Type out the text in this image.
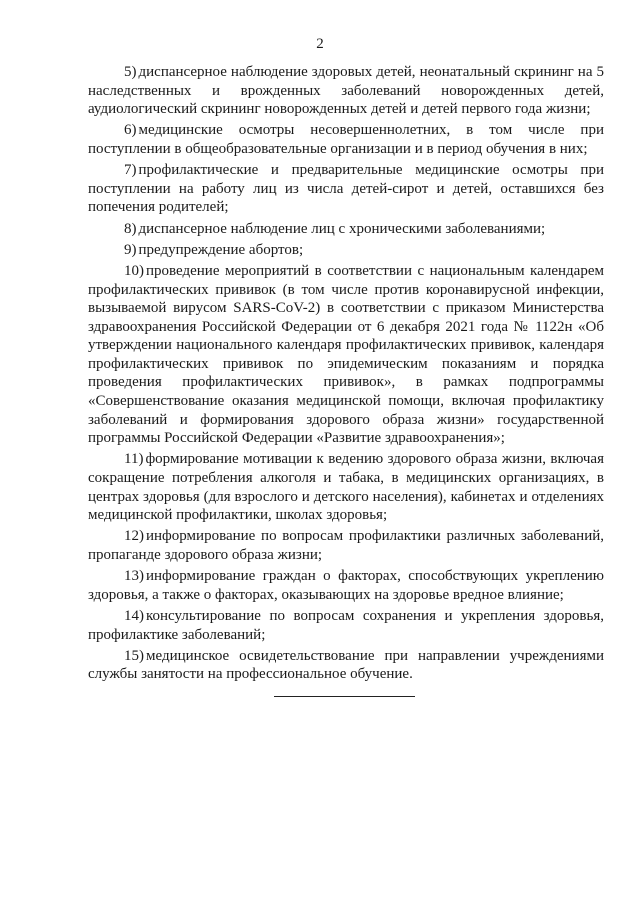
2

5) диспансерное наблюдение здоровых детей, неонатальный скрининг на 5 наследственных и врожденных заболеваний новорожденных детей, аудиологический скрининг новорожденных детей и детей первого года жизни;

6) медицинские осмотры несовершеннолетних, в том числе при поступлении в общеобразовательные организации и в период обучения в них;

7) профилактические и предварительные медицинские осмотры при поступлении на работу лиц из числа детей-сирот и детей, оставшихся без попечения родителей;

8) диспансерное наблюдение лиц с хроническими заболеваниями;

9) предупреждение абортов;

10) проведение мероприятий в соответствии с национальным календарем профилактических прививок (в том числе против коронавирусной инфекции, вызываемой вирусом SARS-CoV-2) в соответствии с приказом Министерства здравоохранения Российской Федерации от 6 декабря 2021 года № 1122н «Об утверждении национального календаря профилактических прививок, календаря профилактических прививок по эпидемическим показаниям и порядка проведения профилактических прививок», в рамках подпрограммы «Совершенствование оказания медицинской помощи, включая профилактику заболеваний и формирования здорового образа жизни» государственной программы Российской Федерации «Развитие здравоохранения»;

11) формирование мотивации к ведению здорового образа жизни, включая сокращение потребления алкоголя и табака, в медицинских организациях, в центрах здоровья (для взрослого и детского населения), кабинетах и отделениях медицинской профилактики, школах здоровья;

12) информирование по вопросам профилактики различных заболеваний, пропаганде здорового образа жизни;

13) информирование граждан о факторах, способствующих укреплению здоровья, а также о факторах, оказывающих на здоровье вредное влияние;

14) консультирование по вопросам сохранения и укрепления здоровья, профилактике заболеваний;

15) медицинское освидетельствование при направлении учреждениями службы занятости на профессиональное обучение.
